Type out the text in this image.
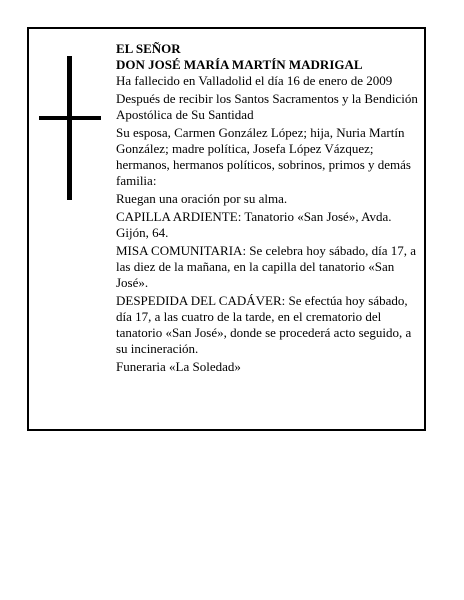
EL SEÑOR

DON JOSÉ MARÍA MARTÍN MADRIGAL

Ha fallecido en Valladolid el día 16 de enero de 2009

Después de recibir los Santos Sacramentos y la Bendición Apostólica de Su Santidad

Su esposa, Carmen González López; hija, Nuria Martín González; madre política, Josefa López Vázquez; hermanos, hermanos políticos, sobrinos, primos y demás familia:

Ruegan una oración por su alma.

CAPILLA ARDIENTE: Tanatorio «San José», Avda. Gijón, 64.

MISA COMUNITARIA: Se celebra hoy sábado, día 17, a las diez de la mañana, en la capilla del tanatorio «San José».

DESPEDIDA DEL CADÁVER: Se efectúa hoy sábado, día 17, a las cuatro de la tarde, en el crematorio del tanatorio «San José», donde se procederá acto seguido, a su incineración.

Funeraria «La Soledad»
